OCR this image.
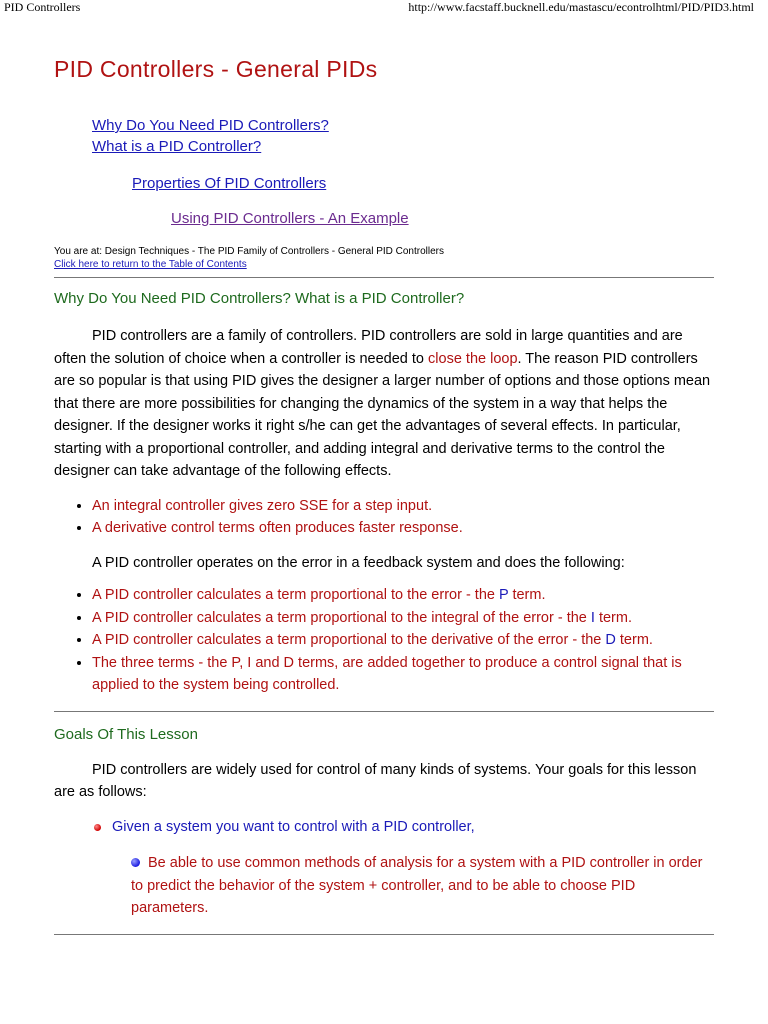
PID Controllers	http://www.facstaff.bucknell.edu/mastascu/econtrolhtml/PID/PID3.html
PID Controllers - General PIDs
Why Do You Need PID Controllers?
What is a PID Controller?
Properties Of PID Controllers
Using PID Controllers - An Example
You are at: Design Techniques - The PID Family of Controllers - General PID Controllers
Click here to return to the Table of Contents
Why Do You Need PID Controllers? What is a PID Controller?

PID controllers are a family of controllers. PID controllers are sold in large quantities and are often the solution of choice when a controller is needed to close the loop. The reason PID controllers are so popular is that using PID gives the designer a larger number of options and those options mean that there are more possibilities for changing the dynamics of the system in a way that helps the designer. If the designer works it right s/he can get the advantages of several effects. In particular, starting with a proportional controller, and adding integral and derivative terms to the control the designer can take advantage of the following effects.

• An integral controller gives zero SSE for a step input.
• A derivative control terms often produces faster response.

A PID controller operates on the error in a feedback system and does the following:

• A PID controller calculates a term proportional to the error - the P term.
• A PID controller calculates a term proportional to the integral of the error - the I term.
• A PID controller calculates a term proportional to the derivative of the error - the D term.
• The three terms - the P, I and D terms, are added together to produce a control signal that is applied to the system being controlled.
Goals Of This Lesson

PID controllers are widely used for control of many kinds of systems. Your goals for this lesson are as follows:

Given a system you want to control with a PID controller,
Be able to use common methods of analysis for a system with a PID controller in order to predict the behavior of the system + controller, and to be able to choose PID parameters.
